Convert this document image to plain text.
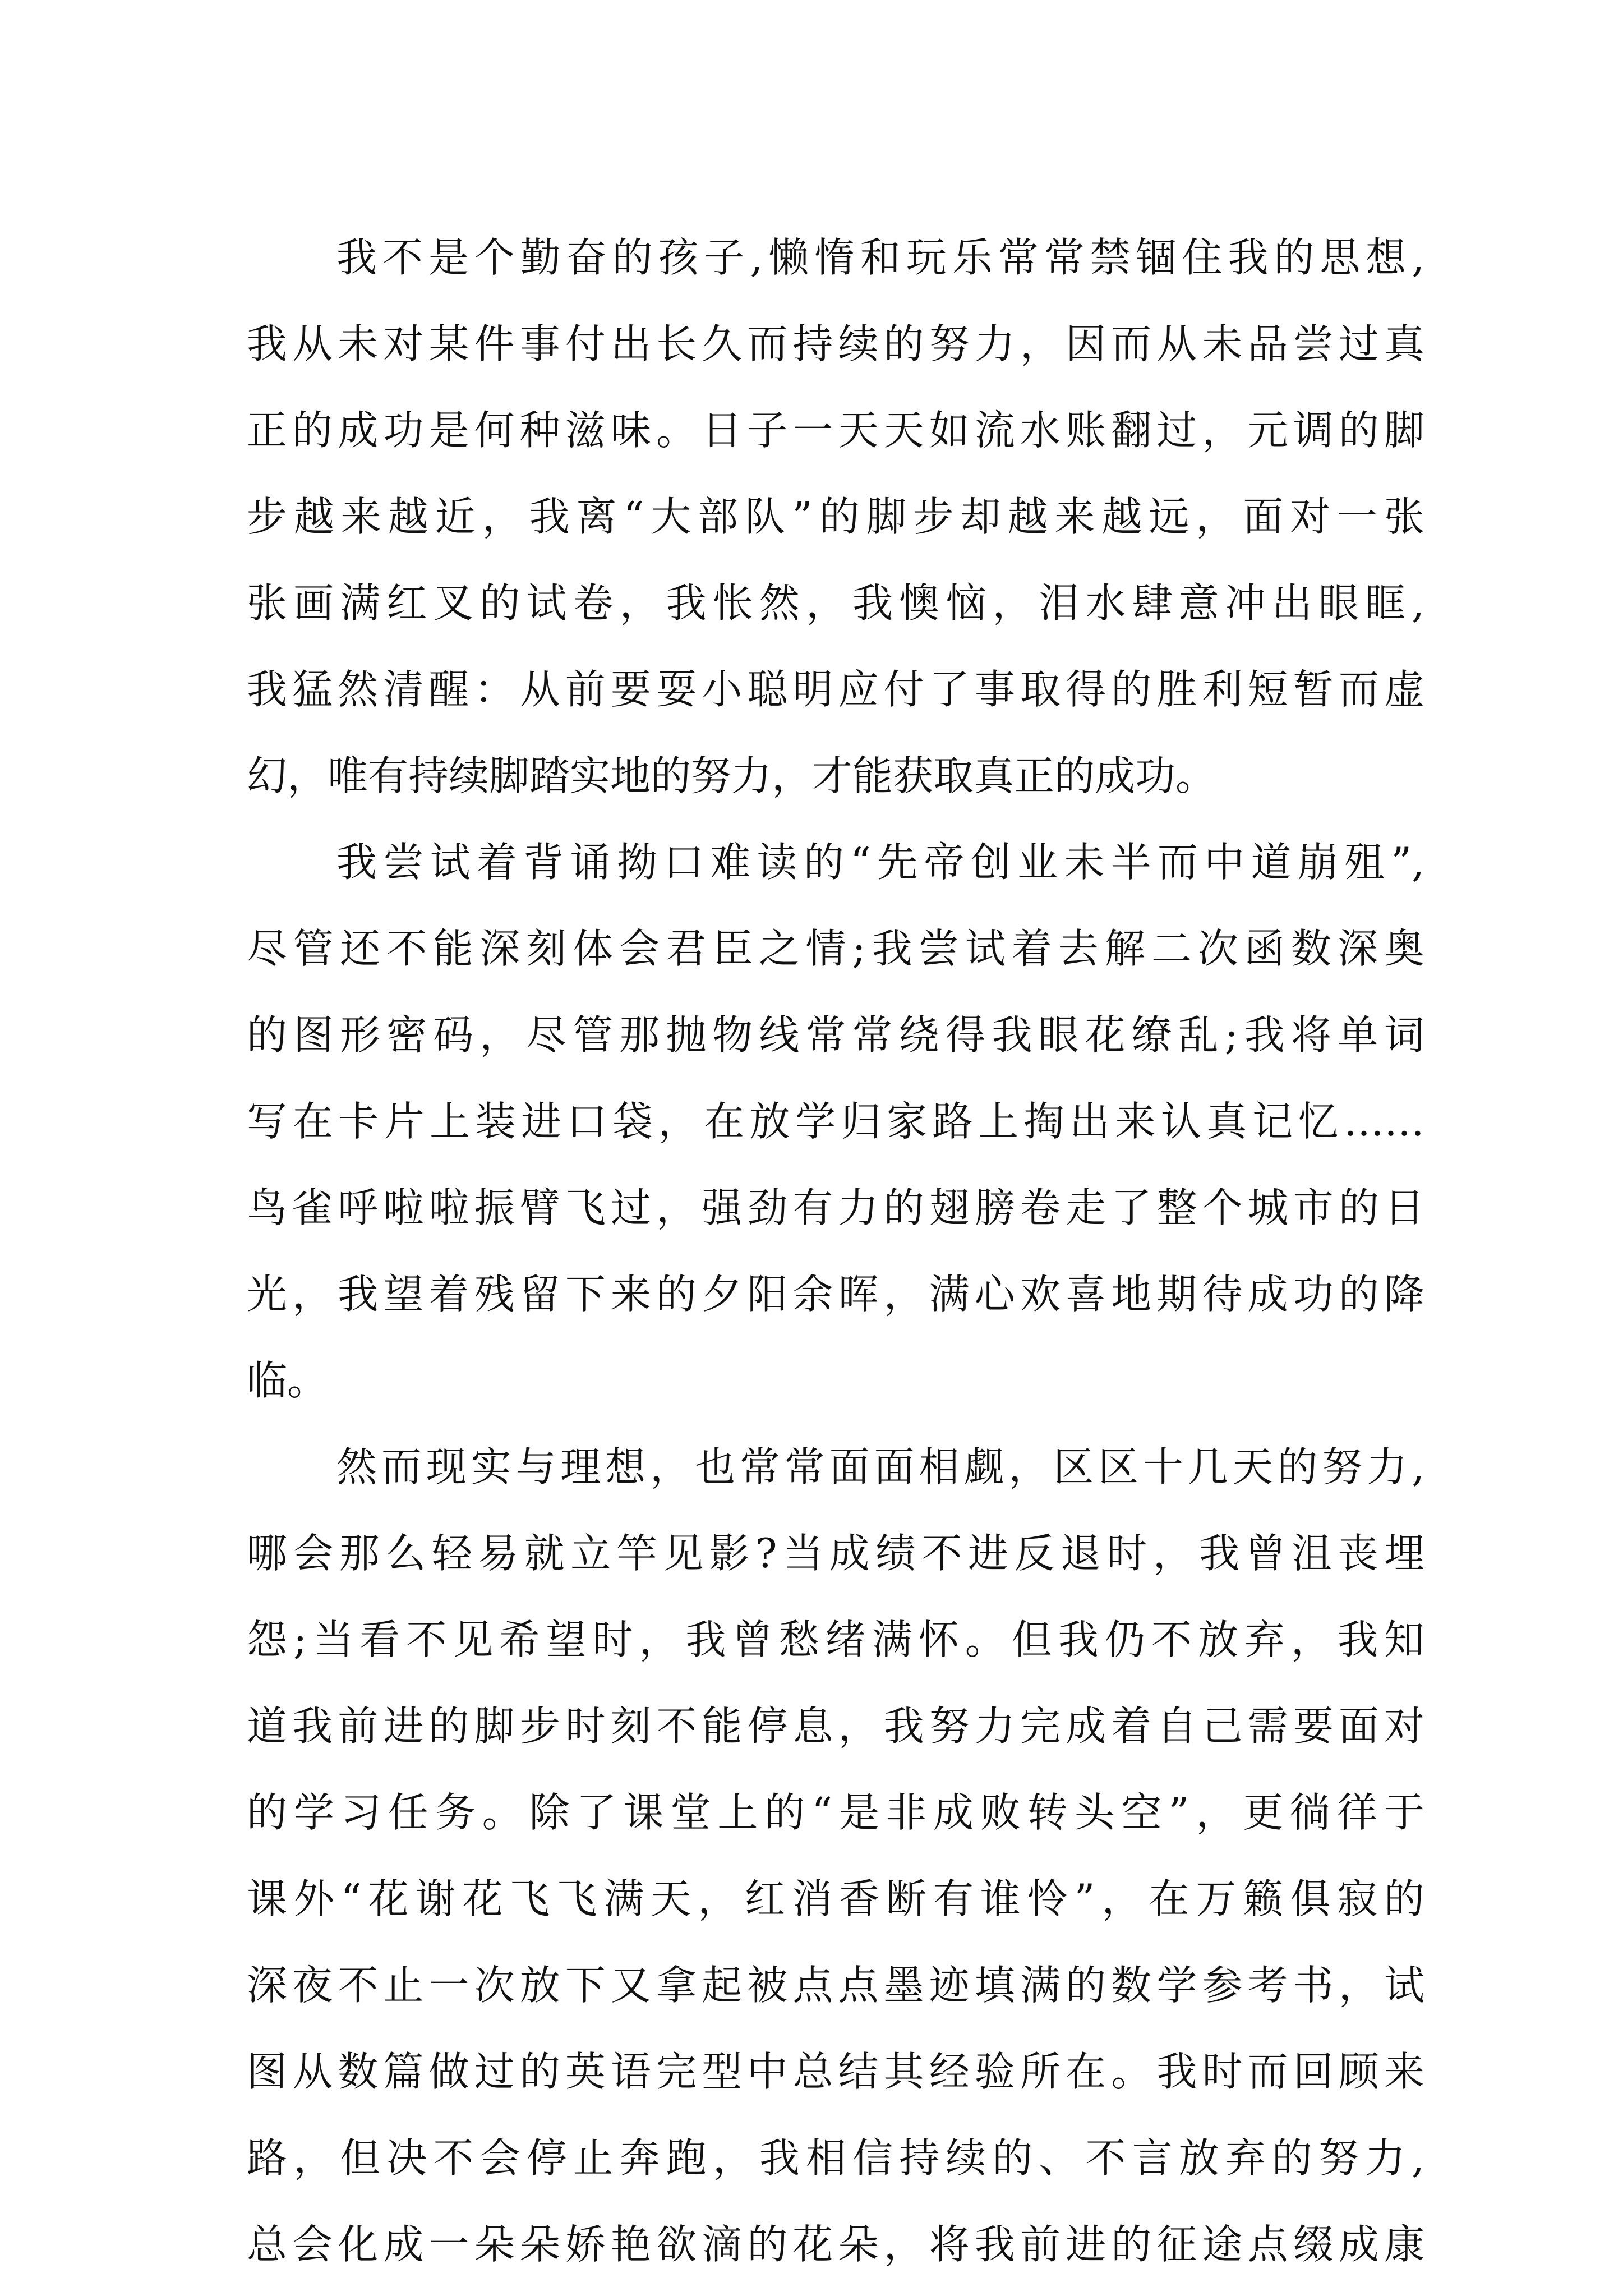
我不是个勤奋的孩子,懒惰和玩乐常常禁锢住我的思想,
我从未对某件事付出长久而持续的努力，因而从未品尝过真
正的成功是何种滋味。日子一天天如流水账翻过，元调的脚
步越来越近，我离“大部队”的脚步却越来越远，面对一张
张画满红叉的试卷，我怅然，我懊恼，泪水肆意冲出眼眶,
我猛然清醒：从前要耍小聪明应付了事取得的胜利短暂而虚
幻，唯有持续脚踏实地的努力，才能获取真正的成功。
我尝试着背诵拗口难读的“先帝创业未半而中道崩殂”,
尽管还不能深刻体会君臣之情;我尝试着去解二次函数深奥
的图形密码，尽管那抛物线常常绕得我眼花缭乱;我将单词
写在卡片上装进口袋，在放学归家路上掏出来认真记忆……
鸟雀呼啦啦振臂飞过，强劲有力的翅膀卷走了整个城市的日
光，我望着残留下来的夕阳余晖，满心欢喜地期待成功的降
临。
然而现实与理想，也常常面面相觑，区区十几天的努力,
哪会那么轻易就立竿见影?当成绩不进反退时，我曾沮丧埋
怨;当看不见希望时，我曾愁绪满怀。但我仍不放弃，我知
道我前进的脚步时刻不能停息，我努力完成着自己需要面对
的学习任务。除了课堂上的“是非成败转头空”，更徜徉于
课外“花谢花飞飞满天，红消香断有谁怜”，在万籁俱寂的
深夜不止一次放下又拿起被点点墨迹填满的数学参考书，试
图从数篇做过的英语完型中总结其经验所在。我时而回顾来
路，但决不会停止奔跑，我相信持续的、不言放弃的努力,
总会化成一朵朵娇艳欲滴的花朵，将我前进的征途点缀成康
